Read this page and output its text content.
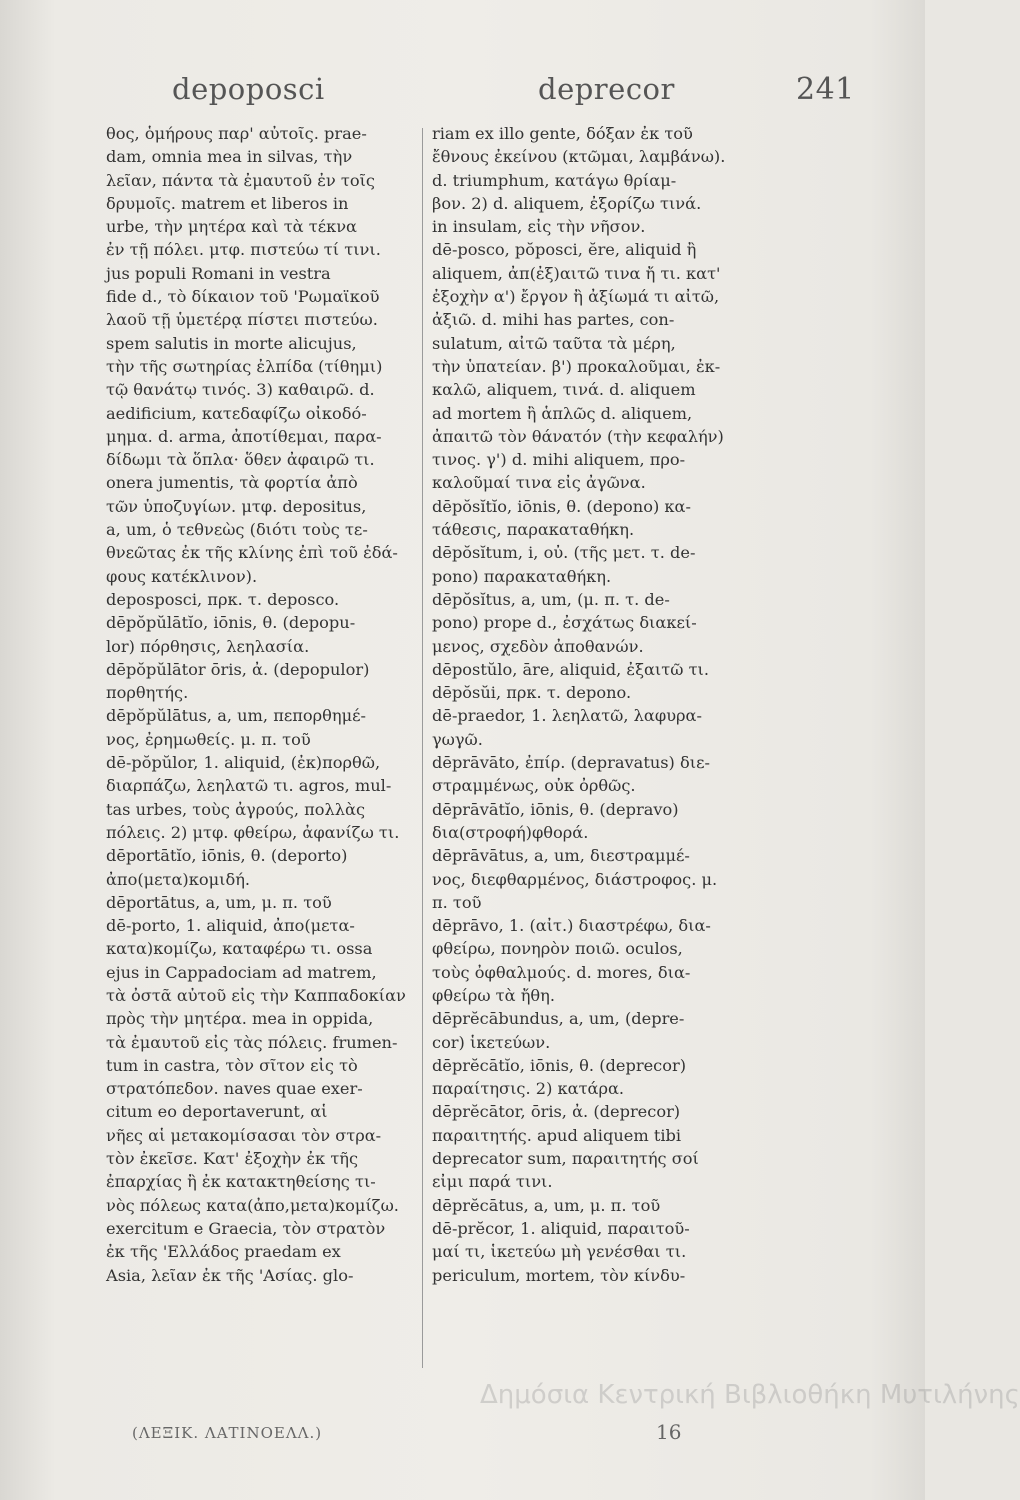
depoposci	deprecor	241
θος, ὁμήρους παρ' αὐτοῖς. prae-
dam, omnia mea in silvas, τὴν
λεῖαν, πάντα τὰ ἐμαυτοῦ ἐν τοῖς
δρυμοῖς. matrem et liberos in
urbe, τὴν μητέρα καὶ τὰ τέκνα
ἐν τῇ πόλει. μτφ. πιστεύω τί τινι.
jus populi Romani in vestra
fide d., τὸ δίκαιον τοῦ 'Ρωμαϊκοῦ
λαοῦ τῇ ὑμετέρᾳ πίστει πιστεύω.
spem salutis in morte alicujus,
τὴν τῆς σωτηρίας ἐλπίδα (τίθημι)
τῷ θανάτῳ τινός. 3) καθαιρῶ. d.
aedificium, κατεδαφίζω οἰκοδό-
μημα. d. arma, ἀποτίθεμαι, παρα-
δίδωμι τὰ ὅπλα· ὅθεν ἀφαιρῶ τι.
onera jumentis, τὰ φορτία ἀπὸ
τῶν ὑποζυγίων. μτφ. depositus,
a, um, ὁ τεθνεὼς (διότι τοὺς τε-
θνεῶτας ἐκ τῆς κλίνης ἐπὶ τοῦ ἐδά-
φους κατέκλινον).
deposposci, πρκ. τ. deposco.
dēpŏpŭlātĭo, iōnis, θ. (depopu-
lor) πόρθησις, λεηλασία.
dēpŏpŭlātor ōris, ἀ. (depopulor)
πορθητής.
dēpŏpŭlātus, a, um, πεπορθημέ-
νος, ἐρημωθείς. μ. π. τοῦ
dē-pŏpŭlor, 1. aliquid, (ἐκ)πορθῶ,
διαρπάζω, λεηλατῶ τι. agros, mul-
tas urbes, τοὺς ἀγρούς, πολλὰς
πόλεις. 2) μτφ. φθείρω, ἀφανίζω τι.
dēportātĭo, iōnis, θ. (deporto)
ἀπο(μετα)κομιδή.
dēportātus, a, um, μ. π. τοῦ
dē-porto, 1. aliquid, ἀπο(μετα-
κατα)κομίζω, καταφέρω τι. ossa
ejus in Cappadociam ad matrem,
τὰ ὀστᾶ αὐτοῦ εἰς τὴν Καππαδοκίαν
πρὸς τὴν μητέρα. mea in oppida,
τὰ ἐμαυτοῦ εἰς τὰς πόλεις. frumen-
tum in castra, τὸν σῖτον εἰς τὸ
στρατόπεδον. naves quae exer-
citum eo deportaverunt, αἱ
νῆες αἱ μετακομίσασαι τὸν στρα-
τὸν ἐκεῖσε. Κατ' ἐξοχὴν ἐκ τῆς
ἐπαρχίας ἢ ἐκ κατακτηθείσης τι-
νὸς πόλεως κατα(ἀπο,μετα)κομίζω.
exercitum e Graecia, τὸν στρατὸν
ἐκ τῆς 'Ελλάδος praedam ex
Asia, λεῖαν ἐκ τῆς 'Ασίας. glo-
riam ex illo gente, δόξαν ἐκ τοῦ
ἔθνους ἐκείνου (κτῶμαι, λαμβάνω).
d. triumphum, κατάγω θρίαμ-
βον. 2) d. aliquem, ἐξορίζω τινά.
in insulam, εἰς τὴν νῆσον.
dē-posco, pŏposci, ĕre, aliquid ἢ
aliquem, ἀπ(ἐξ)αιτῶ τινα ἤ τι. κατ'
ἐξοχὴν α') ἔργον ἢ ἀξίωμά τι αἰτῶ,
ἀξιῶ. d. mihi has partes, con-
sulatum, αἰτῶ ταῦτα τὰ μέρη,
τὴν ὑπατείαν. β') προκαλοῦμαι, ἐκ-
καλῶ, aliquem, τινά. d. aliquem
ad mortem ἢ ἁπλῶς d. aliquem,
ἀπαιτῶ τὸν θάνατόν (τὴν κεφαλήν)
τινος. γ') d. mihi aliquem, προ-
καλοῦμαί τινα εἰς ἀγῶνα.
dēpŏsĭtĭo, iōnis, θ. (depono) κα-
τάθεσις, παρακαταθήκη.
dēpŏsĭtum, i, οὐ. (τῆς μετ. τ. de-
pono) παρακαταθήκη.
dēpŏsĭtus, a, um, (μ. π. τ. de-
pono) prope d., ἐσχάτως διακεί-
μενος, σχεδὸν ἀποθανών.
dēpostŭlo, āre, aliquid, ἐξαιτῶ τι.
dēpŏsŭi, πρκ. τ. depono.
dē-praedor, 1. λεηλατῶ, λαφυρα-
γωγῶ.
dēprāvāto, ἐπίρ. (depravatus) διε-
στραμμένως, οὐκ ὀρθῶς.
dēprāvātĭo, iōnis, θ. (depravo)
δια(στροφή)φθορά.
dēprāvātus, a, um, διεστραμμέ-
νος, διεφθαρμένος, διάστροφος. μ.
π. τοῦ
dēprāvo, 1. (αἰτ.) διαστρέφω, δια-
φθείρω, πονηρὸν ποιῶ. oculos,
τοὺς ὀφθαλμούς. d. mores, δια-
φθείρω τὰ ἤθη.
dēprĕcābundus, a, um, (depre-
cor) ἱκετεύων.
dēprĕcātĭo, iōnis, θ. (deprecor)
παραίτησις. 2) κατάρα.
dēprĕcātor, ōris, ἀ. (deprecor)
παραιτητής. apud aliquem tibi
deprecator sum, παραιτητής σοί
εἰμι παρά τινι.
dēprĕcātus, a, um, μ. π. τοῦ
dē-prĕcor, 1. aliquid, παραιτοῦ-
μαί τι, ἱκετεύω μὴ γενέσθαι τι.
periculum, mortem, τὸν κίνδυ-
Δημόσια Κεντρική Βιβλιοθήκη Μυτιλήνης
(ΛΕΞΙΚ. ΛΑΤΙΝΟΕΛΛ.)	16
